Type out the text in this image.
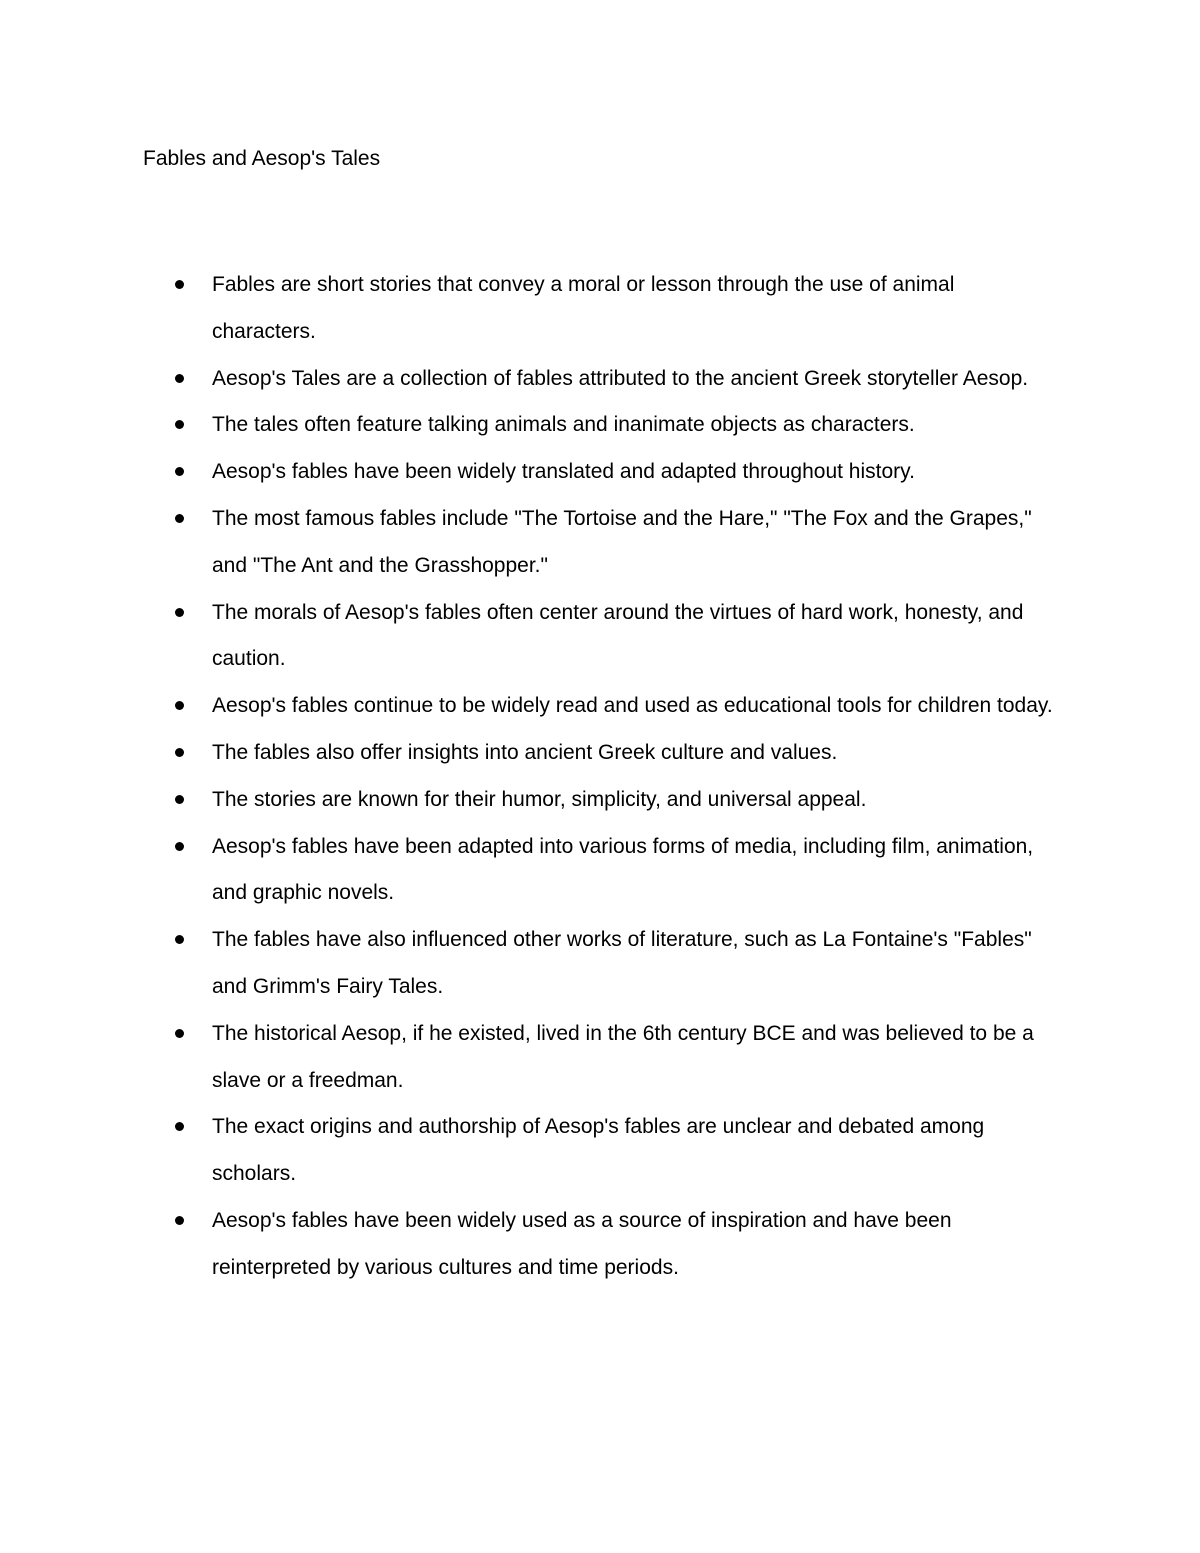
Fables and Aesop's Tales
Fables are short stories that convey a moral or lesson through the use of animal characters.
Aesop's Tales are a collection of fables attributed to the ancient Greek storyteller Aesop.
The tales often feature talking animals and inanimate objects as characters.
Aesop's fables have been widely translated and adapted throughout history.
The most famous fables include "The Tortoise and the Hare," "The Fox and the Grapes," and "The Ant and the Grasshopper."
The morals of Aesop's fables often center around the virtues of hard work, honesty, and caution.
Aesop's fables continue to be widely read and used as educational tools for children today.
The fables also offer insights into ancient Greek culture and values.
The stories are known for their humor, simplicity, and universal appeal.
Aesop's fables have been adapted into various forms of media, including film, animation, and graphic novels.
The fables have also influenced other works of literature, such as La Fontaine's "Fables" and Grimm's Fairy Tales.
The historical Aesop, if he existed, lived in the 6th century BCE and was believed to be a slave or a freedman.
The exact origins and authorship of Aesop's fables are unclear and debated among scholars.
Aesop's fables have been widely used as a source of inspiration and have been reinterpreted by various cultures and time periods.
